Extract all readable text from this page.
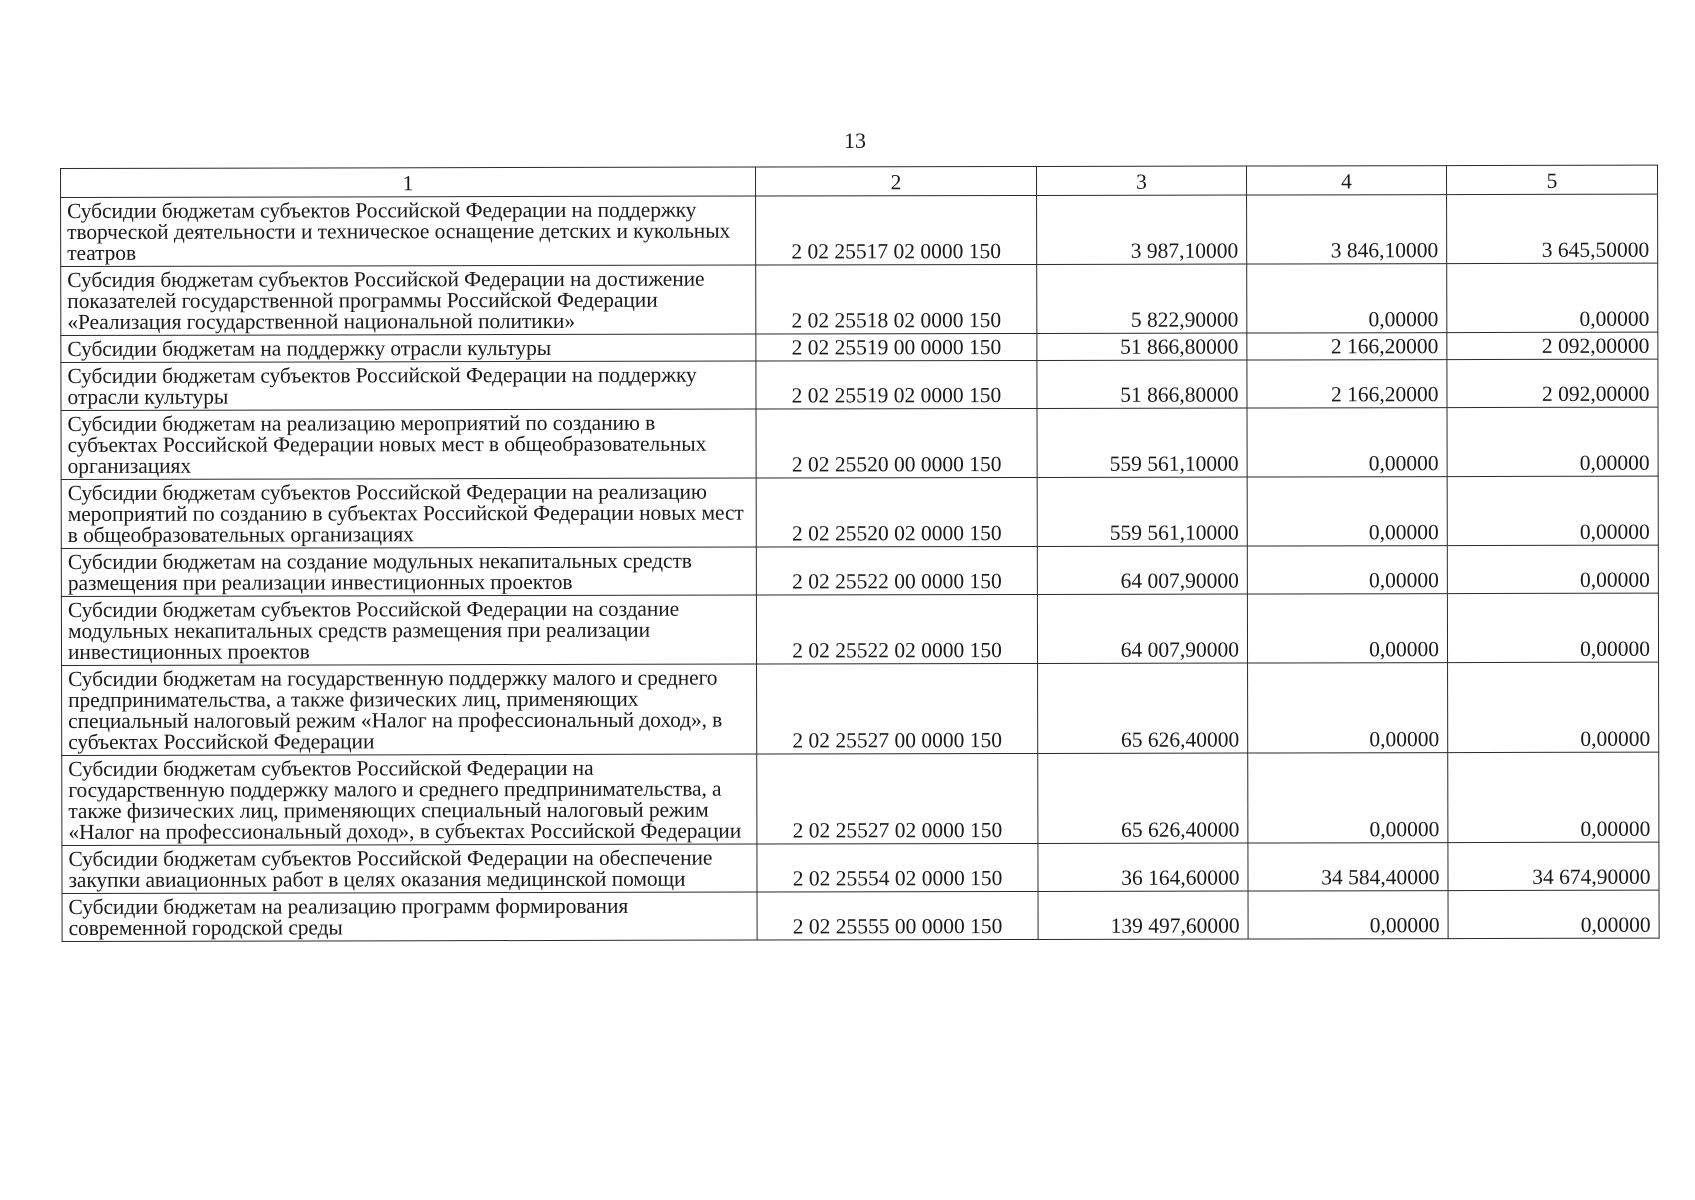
13
1	2	3	4	5
Субсидии бюджетам субъектов Российской Федерации на поддержку творческой деятельности и техническое оснащение детских и кукольных театров	2 02 25517 02 0000 150	3 987,10000	3 846,10000	3 645,50000
Субсидия бюджетам субъектов Российской Федерации на достижение показателей государственной программы Российской Федерации «Реализация государственной национальной политики»	2 02 25518 02 0000 150	5 822,90000	0,00000	0,00000
Субсидии бюджетам на поддержку отрасли культуры	2 02 25519 00 0000 150	51 866,80000	2 166,20000	2 092,00000
Субсидии бюджетам субъектов Российской Федерации на поддержку отрасли культуры	2 02 25519 02 0000 150	51 866,80000	2 166,20000	2 092,00000
Субсидии бюджетам на реализацию мероприятий по созданию в субъектах Российской Федерации новых мест в общеобразовательных организациях	2 02 25520 00 0000 150	559 561,10000	0,00000	0,00000
Субсидии бюджетам субъектов Российской Федерации на реализацию мероприятий по созданию в субъектах Российской Федерации новых мест в общеобразовательных организациях	2 02 25520 02 0000 150	559 561,10000	0,00000	0,00000
Субсидии бюджетам на создание модульных некапитальных средств размещения при реализации инвестиционных проектов	2 02 25522 00 0000 150	64 007,90000	0,00000	0,00000
Субсидии бюджетам субъектов Российской Федерации на создание модульных некапитальных средств размещения при реализации инвестиционных проектов	2 02 25522 02 0000 150	64 007,90000	0,00000	0,00000
Субсидии бюджетам на государственную поддержку малого и среднего предпринимательства, а также физических лиц, применяющих специальный налоговый режим «Налог на профессиональный доход», в субъектах Российской Федерации	2 02 25527 00 0000 150	65 626,40000	0,00000	0,00000
Субсидии бюджетам субъектов Российской Федерации на государственную поддержку малого и среднего предпринимательства, а также физических лиц, применяющих специальный налоговый режим «Налог на профессиональный доход», в субъектах Российской Федерации	2 02 25527 02 0000 150	65 626,40000	0,00000	0,00000
Субсидии бюджетам субъектов Российской Федерации на обеспечение закупки авиационных работ в целях оказания медицинской помощи	2 02 25554 02 0000 150	36 164,60000	34 584,40000	34 674,90000
Субсидии бюджетам на реализацию программ формирования современной городской среды	2 02 25555 00 0000 150	139 497,60000	0,00000	0,00000
